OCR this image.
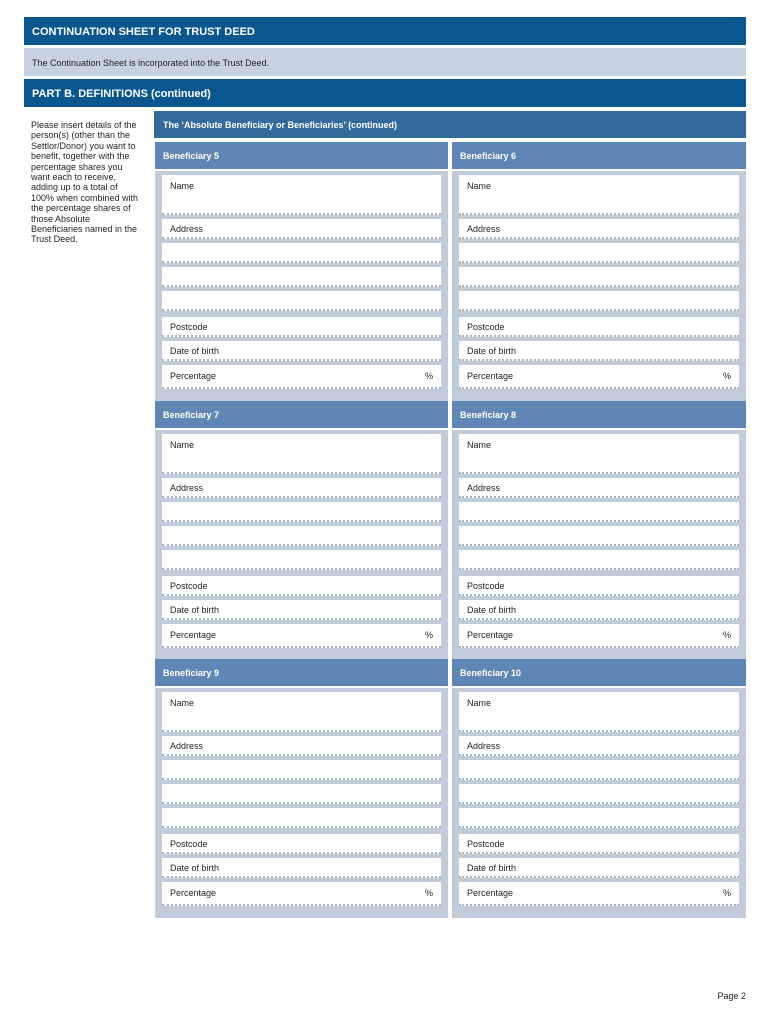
CONTINUATION SHEET FOR TRUST DEED
The Continuation Sheet is incorporated into the Trust Deed.
PART B. DEFINITIONS (continued)
Please insert details of the person(s) (other than the Settlor/Donor) you want to benefit, together with the percentage shares you want each to receive, adding up to a total of 100% when combined with the percentage shares of those Absolute Beneficiaries named in the Trust Deed.
The ‘Absolute Beneficiary or Beneficiaries’ (continued)
Beneficiary 5
Name
Address
Postcode
Date of birth
Percentage	%
Beneficiary 6
Name
Address
Postcode
Date of birth
Percentage	%
Beneficiary 7
Name
Address
Postcode
Date of birth
Percentage	%
Beneficiary 8
Name
Address
Postcode
Date of birth
Percentage	%
Beneficiary 9
Name
Address
Postcode
Date of birth
Percentage	%
Beneficiary 10
Name
Address
Postcode
Date of birth
Percentage	%
Page 2
